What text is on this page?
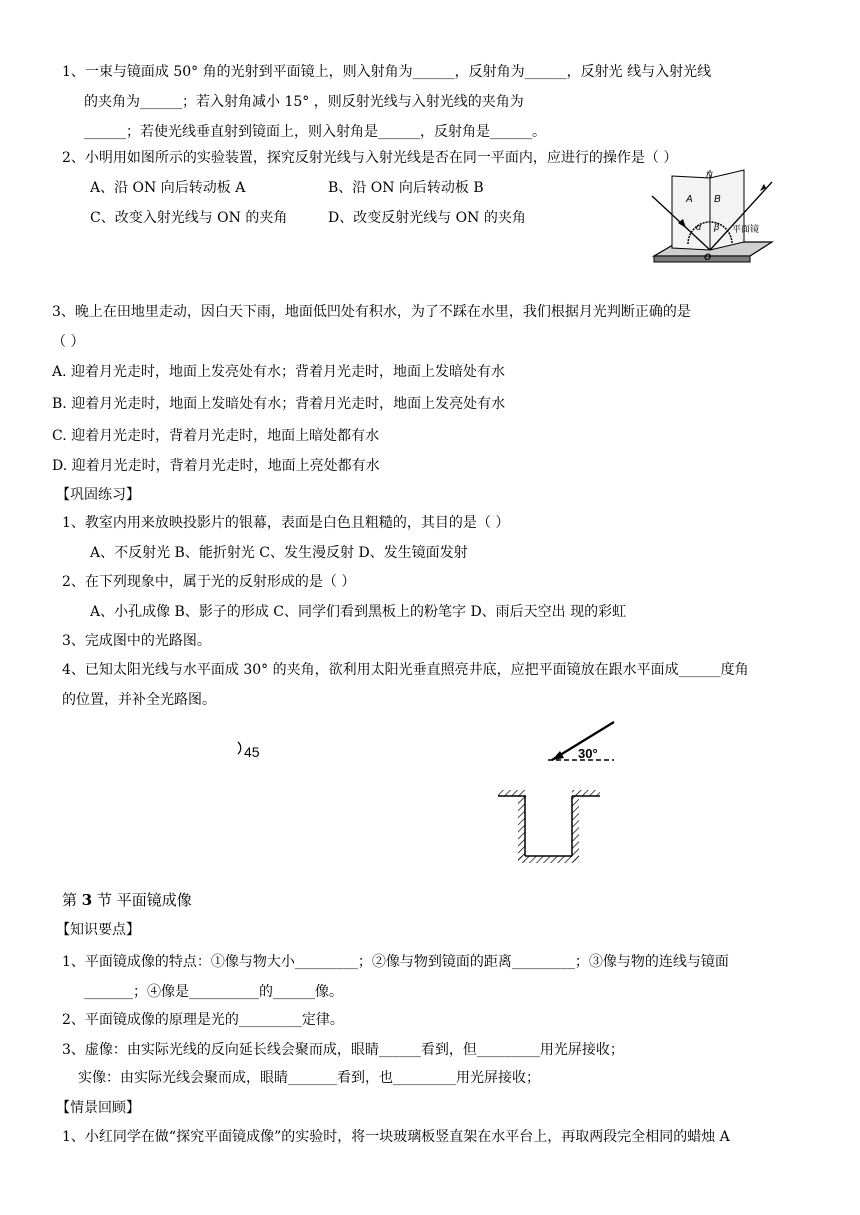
1、一束与镜面成 50° 角的光射到平面镜上，则入射角为______，反射角为______，反射光 线与入射光线
的夹角为______；若入射角减小 15° ，则反射光线与入射光线的夹角为
______；若使光线垂直射到镜面上，则入射角是______，反射角是______。
2、小明用如图所示的实验装置，探究反射光线与入射光线是否在同一平面内，应进行的操作是（ ）
A、沿 ON 向后转动板 A	B、沿 ON 向后转动板 B
C、改变入射光线与 ON 的夹角	D、改变反射光线与 ON 的夹角
N
A B
α β
O
平面镜
3、晚上在田地里走动，因白天下雨，地面低凹处有积水，为了不踩在水里，我们根据月光判断正确的是
（ ）
A. 迎着月光走时，地面上发亮处有水；背着月光走时，地面上发暗处有水
B. 迎着月光走时，地面上发暗处有水；背着月光走时，地面上发亮处有水
C. 迎着月光走时，背着月光走时，地面上暗处都有水
D. 迎着月光走时，背着月光走时，地面上亮处都有水
【巩固练习】
1、教室内用来放映投影片的银幕，表面是白色且粗糙的，其目的是（ ）
A、不反射光 B、能折射光 C、发生漫反射 D、发生镜面发射
2、在下列现象中，属于光的反射形成的是（ ）
A、小孔成像 B、影子的形成 C、同学们看到黑板上的粉笔字 D、雨后天空出 现的彩虹
3、完成图中的光路图。
4、已知太阳光线与水平面成 30° 的夹角，欲利用太阳光垂直照亮井底，应把平面镜放在跟水平面成______度角
的位置，并补全光路图。
45	30°
第 3 节 平面镜成像
【知识要点】
1、平面镜成像的特点：①像与物大小_________；②像与物到镜面的距离_________；③像与物的连线与镜面
_______；④像是__________的______像。
2、平面镜成像的原理是光的_________定律。
3、虚像：由实际光线的反向延长线会聚而成，眼睛______看到，但_________用光屏接收；
实像：由实际光线会聚而成，眼睛_______看到，也_________用光屏接收；
【情景回顾】
1、小红同学在做“探究平面镜成像”的实验时，将一块玻璃板竖直架在水平台上，再取两段完全相同的蜡烛 A
